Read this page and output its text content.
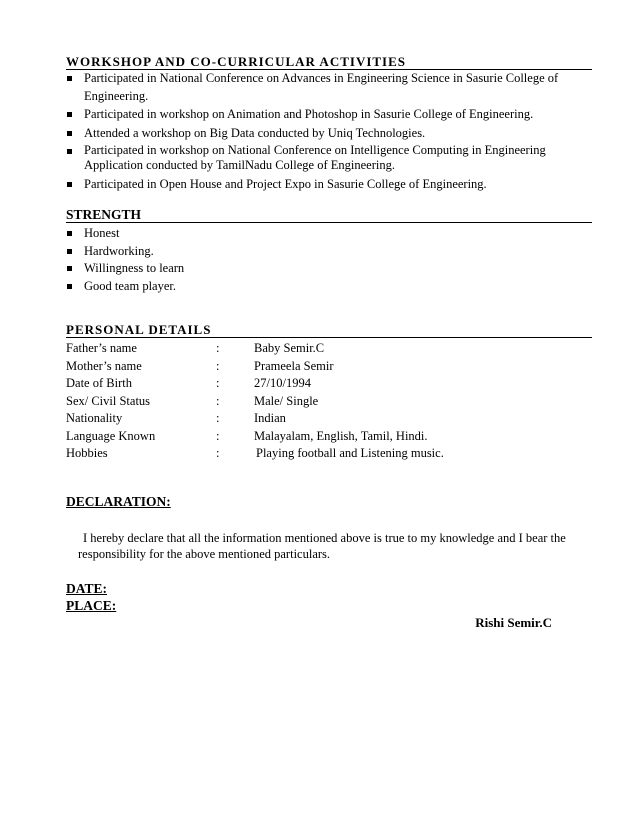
WORKSHOP AND CO-CURRICULAR ACTIVITIES
Participated in National Conference on Advances in Engineering Science in Sasurie College of Engineering.
Participated in workshop on Animation and Photoshop in Sasurie College of Engineering.
Attended a workshop on Big Data conducted by Uniq Technologies.
Participated in workshop on National Conference on Intelligence Computing in Engineering Application conducted by TamilNadu College of Engineering.
Participated in Open House and Project Expo in Sasurie College of Engineering.
STRENGTH
Honest
Hardworking.
Willingness to learn
Good team player.
PERSONAL DETAILS
Father’s name	:	Baby Semir.C
Mother’s name	:	Prameela Semir
Date of Birth	:	27/10/1994
Sex/ Civil Status	:	Male/ Single
Nationality	:	Indian
Language Known	:	Malayalam, English, Tamil, Hindi.
Hobbies	:	Playing football and Listening music.
DECLARATION:
I hereby declare that all the information mentioned above is true to my knowledge and I bear the responsibility for the above mentioned particulars.
DATE:
PLACE:
Rishi Semir.C
